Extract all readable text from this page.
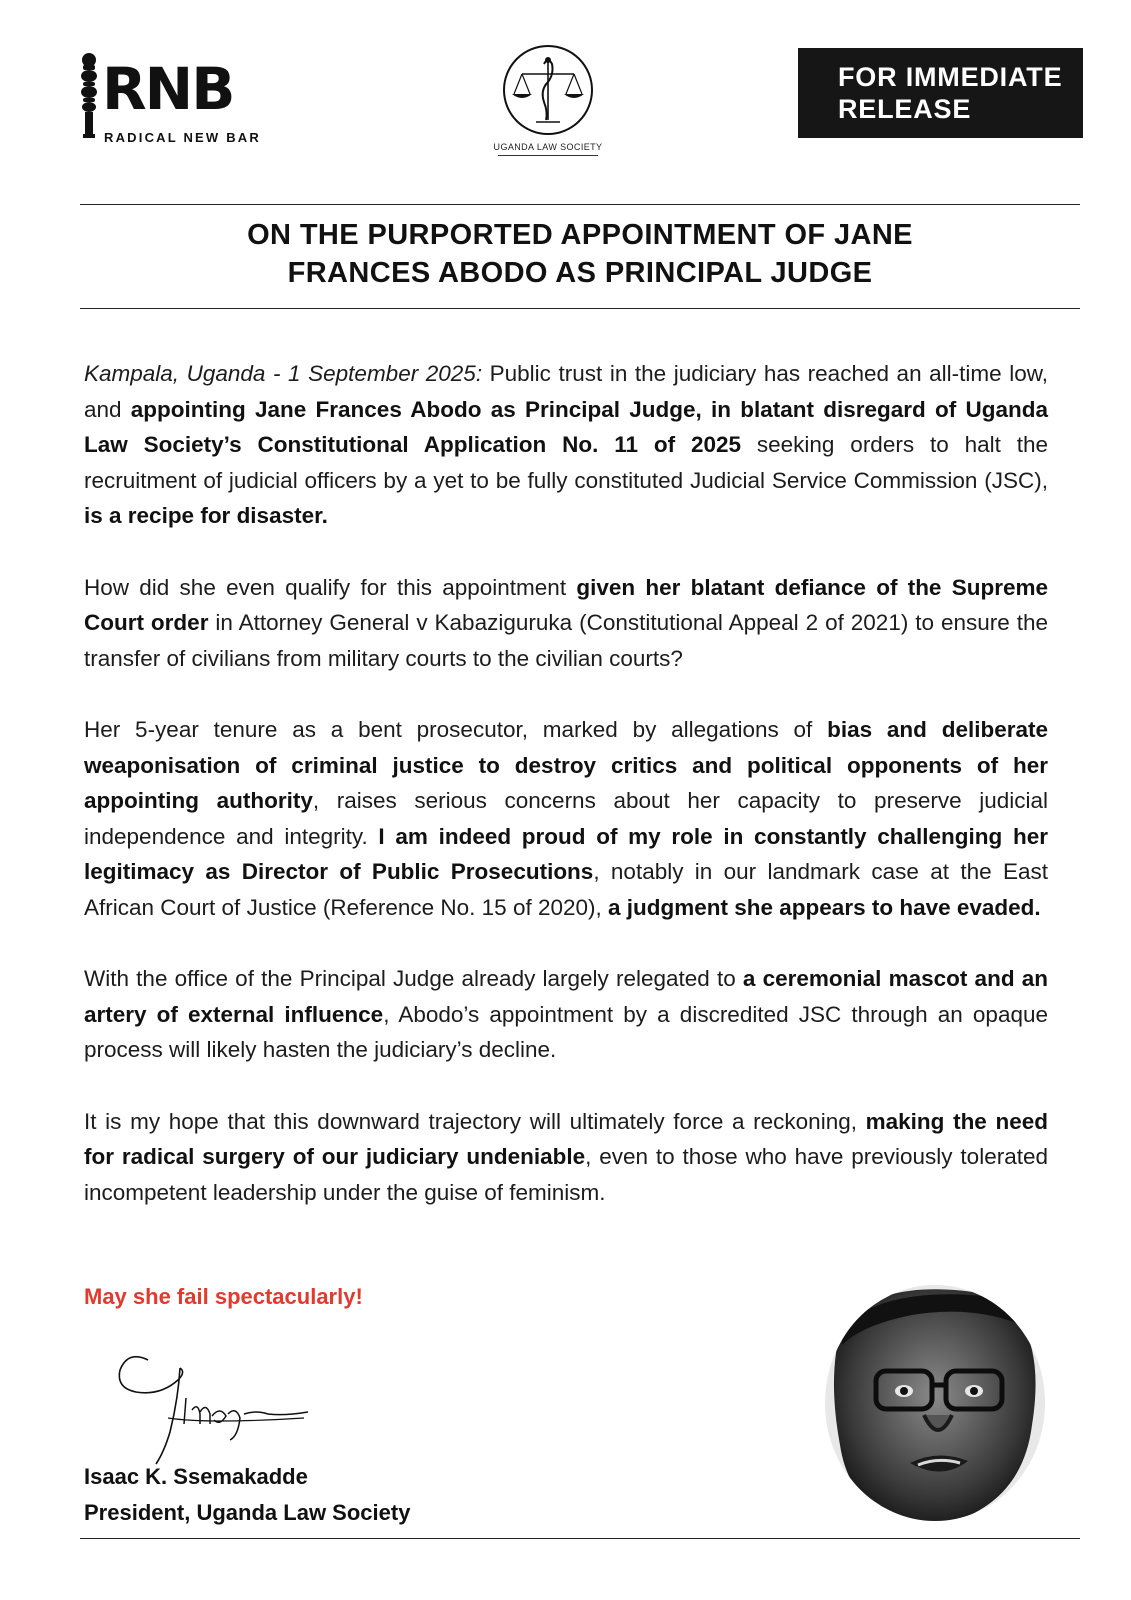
RNB
RADICAL NEW BAR
UGANDA LAW SOCIETY
FOR IMMEDIATE RELEASE
ON THE PURPORTED APPOINTMENT OF JANE
FRANCES ABODO AS PRINCIPAL JUDGE

Kampala, Uganda - 1 September 2025: Public trust in the judiciary has reached an all-time low, and appointing Jane Frances Abodo as Principal Judge, in blatant disregard of Uganda Law Society’s Constitutional Application No. 11 of 2025 seeking orders to halt the recruitment of judicial officers by a yet to be fully constituted Judicial Service Commission (JSC), is a recipe for disaster.

How did she even qualify for this appointment given her blatant defiance of the Supreme Court order in Attorney General v Kabaziguruka (Constitutional Appeal 2 of 2021) to ensure the transfer of civilians from military courts to the civilian courts?

Her 5-year tenure as a bent prosecutor, marked by allegations of bias and deliberate weaponisation of criminal justice to destroy critics and political opponents of her appointing authority, raises serious concerns about her capacity to preserve judicial independence and integrity. I am indeed proud of my role in constantly challenging her legitimacy as Director of Public Prosecutions, notably in our landmark case at the East African Court of Justice (Reference No. 15 of 2020), a judgment she appears to have evaded.

With the office of the Principal Judge already largely relegated to a ceremonial mascot and an artery of external influence, Abodo’s appointment by a discredited JSC through an opaque process will likely hasten the judiciary’s decline.

It is my hope that this downward trajectory will ultimately force a reckoning, making the need for radical surgery of our judiciary undeniable, even to those who have previously tolerated incompetent leadership under the guise of feminism.

May she fail spectacularly!
Isaac K. Ssemakadde
President, Uganda Law Society
